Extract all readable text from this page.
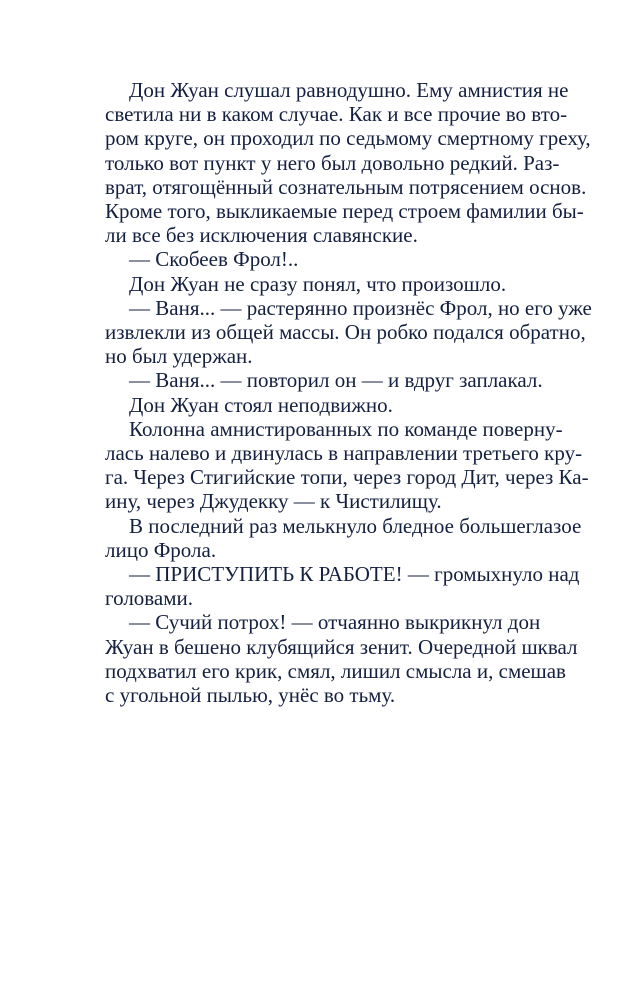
Дон Жуан слушал равнодушно. Ему амнистия не
светила ни в каком случае. Как и все прочие во вто-
ром круге, он проходил по седьмому смертному греху,
только вот пункт у него был довольно редкий. Раз-
врат, отягощённый сознательным потрясением основ.
Кроме того, выкликаемые перед строем фамилии бы-
ли все без исключения славянские.
— Скобеев Фрол!..
Дон Жуан не сразу понял, что произошло.
— Ваня... — растерянно произнёс Фрол, но его уже
извлекли из общей массы. Он робко подался обратно,
но был удержан.
— Ваня... — повторил он — и вдруг заплакал.
Дон Жуан стоял неподвижно.
Колонна амнистированных по команде поверну-
лась налево и двинулась в направлении третьего кру-
га. Через Стигийские топи, через город Дит, через Ка-
ину, через Джудекку — к Чистилищу.
В последний раз мелькнуло бледное большеглазое
лицо Фрола.
— ПРИСТУПИТЬ К РАБОТЕ! — громыхнуло над
головами.
— Сучий потрох! — отчаянно выкрикнул дон
Жуан в бешено клубящийся зенит. Очередной шквал
подхватил его крик, смял, лишил смысла и, смешав
с угольной пылью, унёс во тьму.
